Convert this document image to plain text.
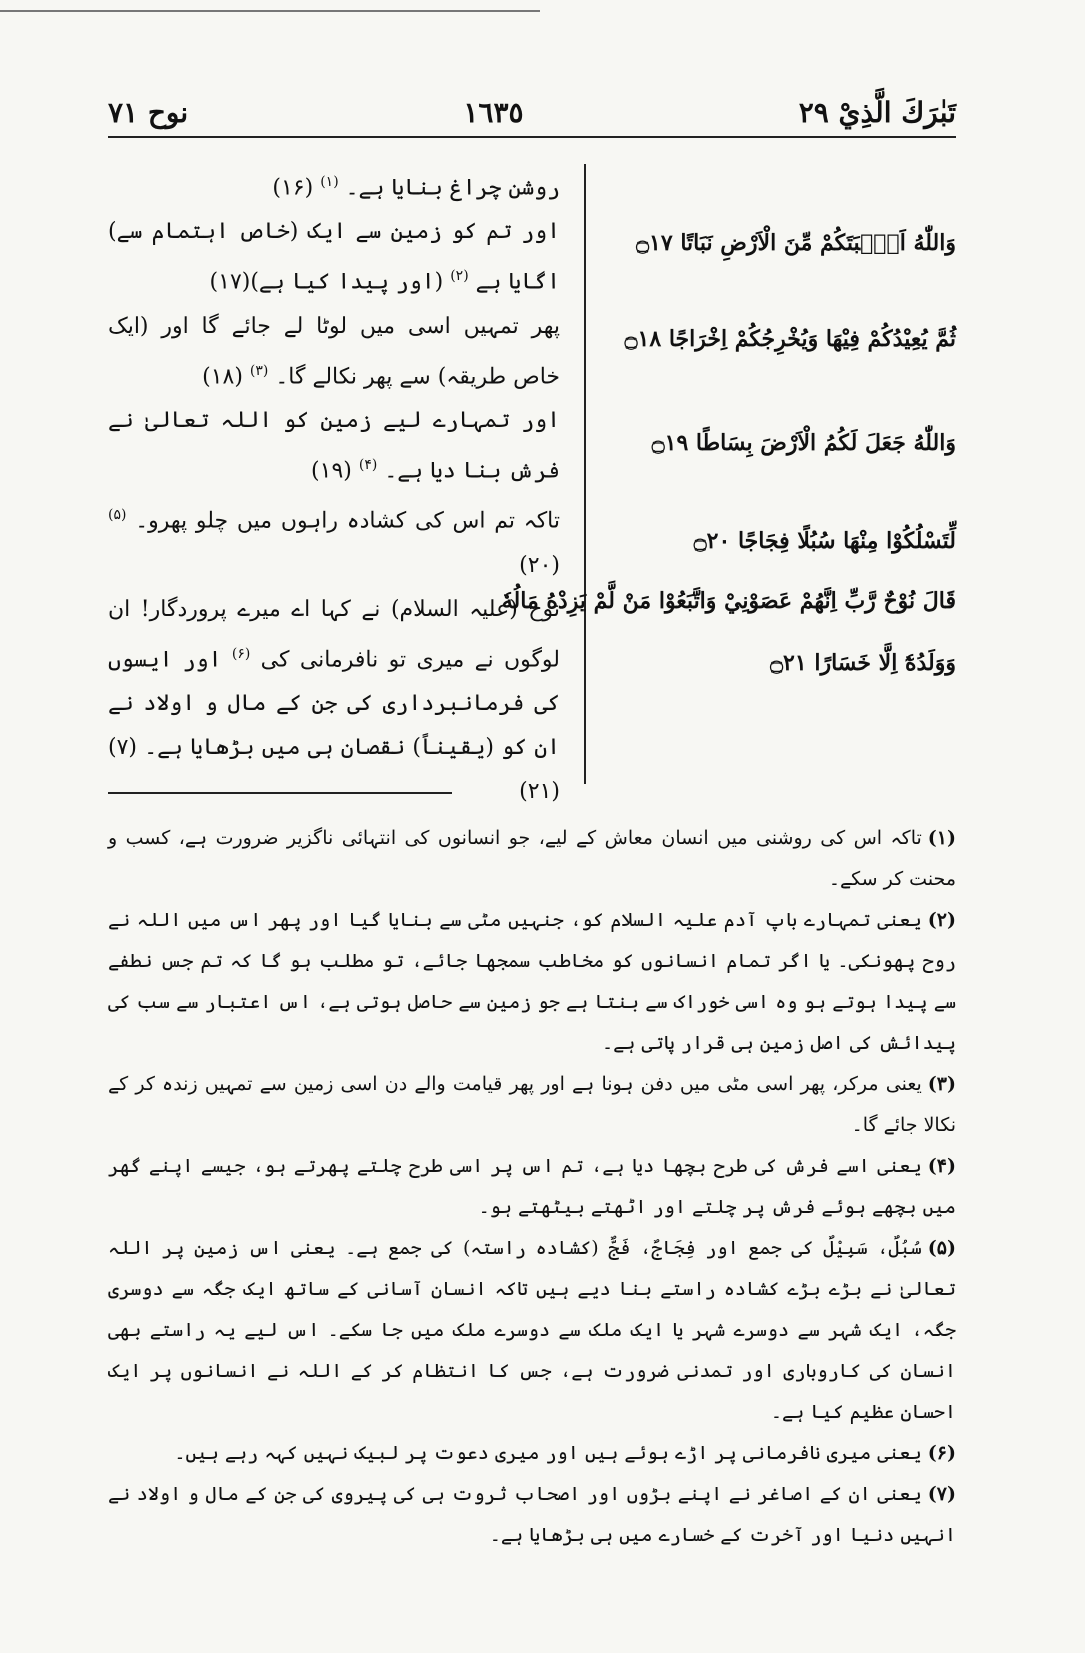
تَبٰرَكَ الَّذِيْ ٢٩
١٦٣٥
نوح ٧١
وَاللّٰهُ اَنْۢبَتَكُمْ مِّنَ الْاَرْضِ نَبَاتًا ۝١٧
ثُمَّ يُعِيْدُكُمْ فِيْهَا وَيُخْرِجُكُمْ اِخْرَاجًا ۝١٨
وَاللّٰهُ جَعَلَ لَكُمُ الْاَرْضَ بِسَاطًا ۝١٩
لِّتَسْلُكُوْا مِنْهَا سُبُلًا فِجَاجًا ۝٢٠
قَالَ نُوْحٌ رَّبِّ اِنَّهُمْ عَصَوْنِيْ وَاتَّبَعُوْا مَنْ لَّمْ يَزِدْهُ مَالُهٗ
وَوَلَدُهٗٓ اِلَّا خَسَارًا ۝٢١

روشن چراغ بنایا ہے۔ $^{(۱)}$ (۱۶)

اور تم کو زمین سے ایک (خاص اہتمام سے) اگایا ہے $^{(۲)}$ (اور پیدا کیا ہے)(۱۷)

پھر تمہیں اسی میں لوٹا لے جائے گا اور (ایک خاص طریقہ) سے پھر نکالے گا۔ $^{(۳)}$ (۱۸)

اور تمہارے لیے زمین کو اللہ تعالیٰ نے فرش بنا دیا ہے۔ $^{(۴)}$ (۱۹)

تاکہ تم اس کی کشادہ راہوں میں چلو پھرو۔ $^{(۵)}$ (۲۰)

نوح (علیہ السلام) نے کہا اے میرے پروردگار! ان لوگوں نے میری تو نافرمانی کی $^{(۶)}$ اور ایسوں کی فرمانبرداری کی جن کے مال و اولاد نے ان کو (یقیناً) نقصان ہی میں بڑھایا ہے۔ (۷) (۲۱)

(۱)تاکہ اس کی روشنی میں انسان معاش کے لیے، جو انسانوں کی انتہائی ناگزیر ضرورت ہے، کسب و محنت کر سکے۔

(۲)یعنی تمہارے باپ آدم علیہ السلام کو، جنہیں مٹی سے بنایا گیا اور پھر اس میں اللہ نے روح پھونکی۔ یا اگر تمام انسانوں کو مخاطب سمجھا جائے، تو مطلب ہو گا کہ تم جس نطفے سے پیدا ہوتے ہو وہ اسی خوراک سے بنتا ہے جو زمین سے حاصل ہوتی ہے، اس اعتبار سے سب کی پیدائش کی اصل زمین ہی قرار پاتی ہے۔

(۳)یعنی مرکر، پھر اسی مٹی میں دفن ہونا ہے اور پھر قیامت والے دن اسی زمین سے تمہیں زندہ کر کے نکالا جائے گا۔

(۴)یعنی اسے فرش کی طرح بچھا دیا ہے، تم اس پر اسی طرح چلتے پھرتے ہو، جیسے اپنے گھر میں بچھے ہوئے فرش پر چلتے اور اٹھتے بیٹھتے ہو۔

(۵)سُبُلٌ، سَبِیْلٌ کی جمع اور فِجَاجٌ، فَجٌّ (کشادہ راستہ) کی جمع ہے۔ یعنی اس زمین پر اللہ تعالیٰ نے بڑے بڑے کشادہ راستے بنا دیے ہیں تاکہ انسان آسانی کے ساتھ ایک جگہ سے دوسری جگہ، ایک شہر سے دوسرے شہر یا ایک ملک سے دوسرے ملک میں جا سکے۔ اس لیے یہ راستے بھی انسان کی کاروباری اور تمدنی ضرورت ہے، جس کا انتظام کر کے اللہ نے انسانوں پر ایک احسان عظیم کیا ہے۔

(۶)یعنی میری نافرمانی پر اڑے ہوئے ہیں اور میری دعوت پر لبیک نہیں کہہ رہے ہیں۔

(۷)یعنی ان کے اصاغر نے اپنے بڑوں اور اصحاب ثروت ہی کی پیروی کی جن کے مال و اولاد نے انہیں دنیا اور آخرت کے خسارے میں ہی بڑھایا ہے۔
